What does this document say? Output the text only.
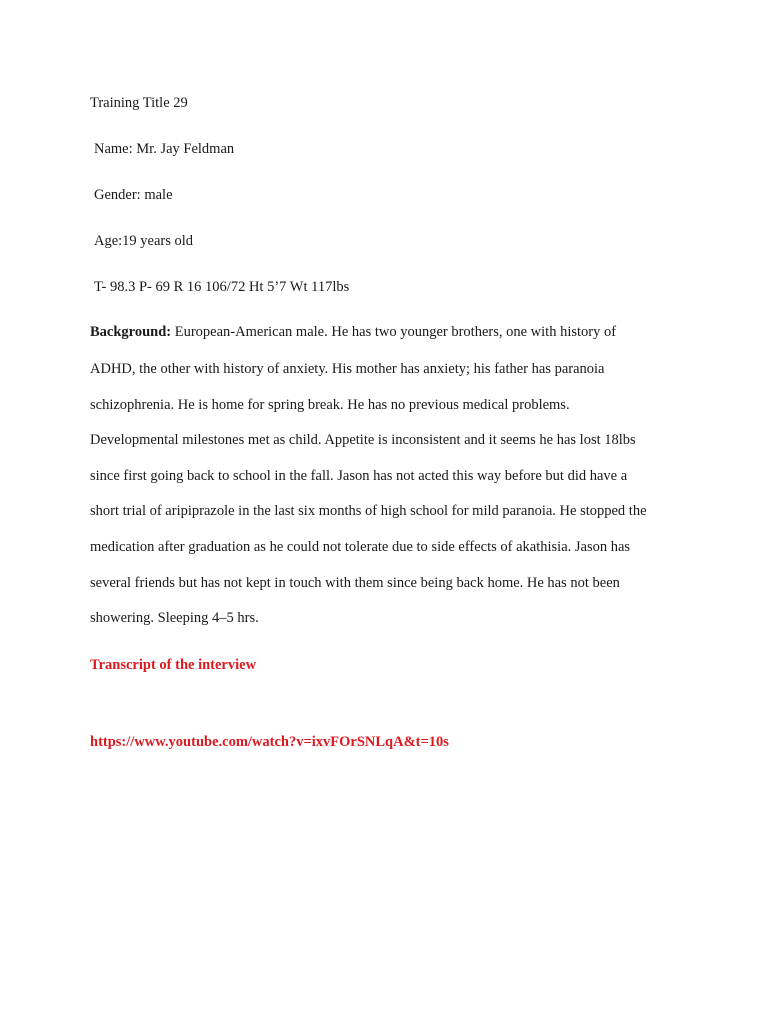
Training Title 29
Name: Mr. Jay Feldman
Gender: male
Age:19 years old
T- 98.3 P- 69 R 16 106/72 Ht 5’7 Wt 117lbs
Background: European-American male. He has two younger brothers, one with history of
ADHD, the other with history of anxiety. His mother has anxiety; his father has paranoia
schizophrenia. He is home for spring break. He has no previous medical problems.
Developmental milestones met as child. Appetite is inconsistent and it seems he has lost 18lbs
since first going back to school in the fall. Jason has not acted this way before but did have a
short trial of aripiprazole in the last six months of high school for mild paranoia. He stopped the
medication after graduation as he could not tolerate due to side effects of akathisia. Jason has
several friends but has not kept in touch with them since being back home. He has not been
showering. Sleeping 4–5 hrs.
Transcript of the interview
https://www.youtube.com/watch?v=ixvFOrSNLqA&t=10s
